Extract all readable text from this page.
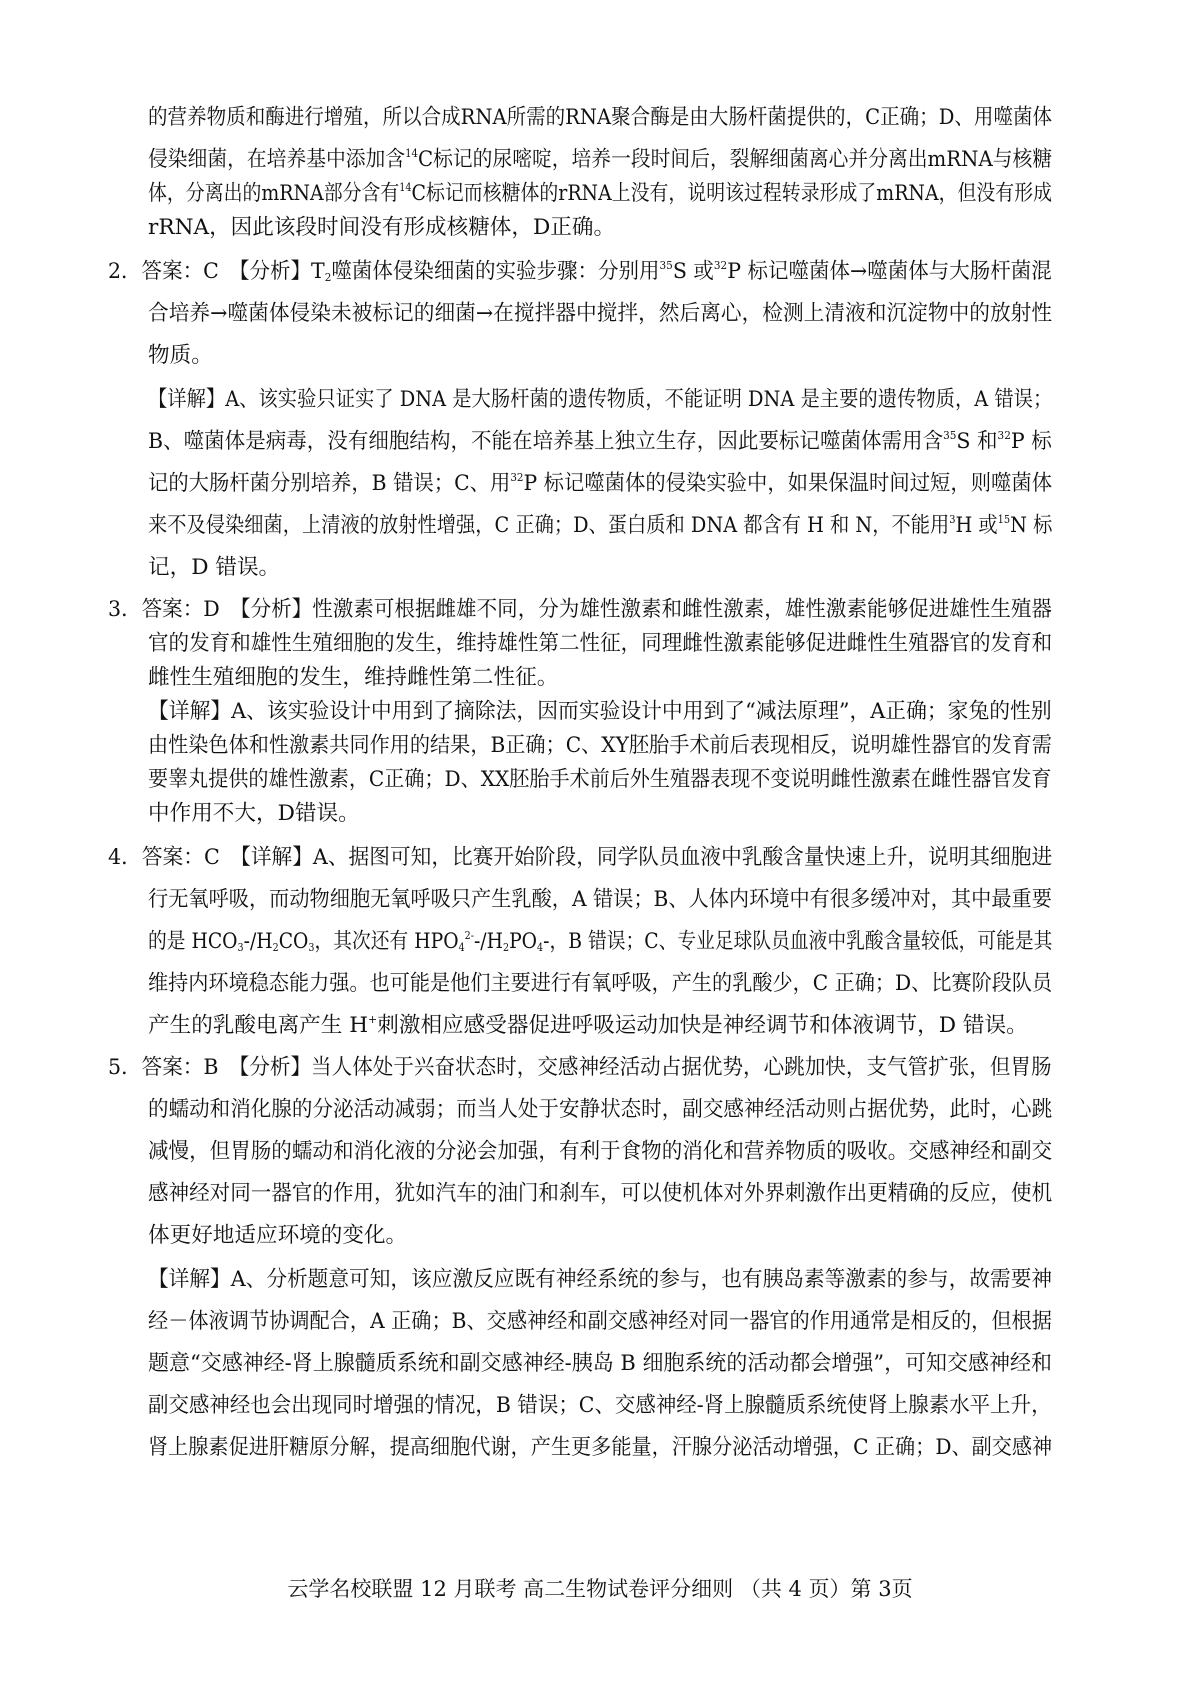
的营养物质和酶进行增殖，所以合成RNA所需的RNA聚合酶是由大肠杆菌提供的，C正确；D、用噬菌体
侵染细菌，在培养基中添加含$^{14}$C标记的尿嘧啶，培养一段时间后，裂解细菌离心并分离出mRNA与核糖
体，分离出的mRNA部分含有$^{14}$C标记而核糖体的rRNA上没有，说明该过程转录形成了mRNA，但没有形成
rRNA，因此该段时间没有形成核糖体，D正确。
2．答案：C　【分析】$T_2$噬菌体侵染细菌的实验步骤：分别用$^{35}$S 或$^{32}$P 标记噬菌体→噬菌体与大肠杆菌混
合培养→噬菌体侵染未被标记的细菌→在搅拌器中搅拌，然后离心，检测上清液和沉淀物中的放射性
物质。
【详解】A、该实验只证实了 DNA 是大肠杆菌的遗传物质，不能证明 DNA 是主要的遗传物质，A 错误；
B、噬菌体是病毒，没有细胞结构，不能在培养基上独立生存，因此要标记噬菌体需用含$^{35}$S 和$^{32}$P 标
记的大肠杆菌分别培养，B 错误；C、用$^{32}$P 标记噬菌体的侵染实验中，如果保温时间过短，则噬菌体
来不及侵染细菌，上清液的放射性增强，C 正确；D、蛋白质和 DNA 都含有 H 和 N，不能用$^3$H 或$^{15}$N 标
记，D 错误。
3．答案：D　【分析】性激素可根据雌雄不同，分为雄性激素和雌性激素，雄性激素能够促进雄性生殖器
官的发育和雄性生殖细胞的发生，维持雄性第二性征，同理雌性激素能够促进雌性生殖器官的发育和
雌性生殖细胞的发生，维持雌性第二性征。
【详解】A、该实验设计中用到了摘除法，因而实验设计中用到了“减法原理”，A正确；家兔的性别
由性染色体和性激素共同作用的结果，B正确；C、XY胚胎手术前后表现相反，说明雄性器官的发育需
要睾丸提供的雄性激素，C正确；D、XX胚胎手术前后外生殖器表现不变说明雌性激素在雌性器官发育
中作用不大，D错误。
4．答案：C　【详解】A、据图可知，比赛开始阶段，同学队员血液中乳酸含量快速上升，说明其细胞进
行无氧呼吸，而动物细胞无氧呼吸只产生乳酸，A 错误；B、人体内环境中有很多缓冲对，其中最重要
的是 $HCO_3-/H_2CO_3$，其次还有 $HPO_4^{2-}-/H_2PO_4-$，B 错误；C、专业足球队员血液中乳酸含量较低，可能是其
维持内环境稳态能力强。也可能是他们主要进行有氧呼吸，产生的乳酸少，C 正确；D、比赛阶段队员
产生的乳酸电离产生 H+刺激相应感受器促进呼吸运动加快是神经调节和体液调节，D 错误。
5．答案：B　【分析】当人体处于兴奋状态时，交感神经活动占据优势，心跳加快，支气管扩张，但胃肠
的蠕动和消化腺的分泌活动减弱；而当人处于安静状态时，副交感神经活动则占据优势，此时，心跳
减慢，但胃肠的蠕动和消化液的分泌会加强，有利于食物的消化和营养物质的吸收。交感神经和副交
感神经对同一器官的作用，犹如汽车的油门和刹车，可以使机体对外界刺激作出更精确的反应，使机
体更好地适应环境的变化。
【详解】A、分析题意可知，该应激反应既有神经系统的参与，也有胰岛素等激素的参与，故需要神
经－体液调节协调配合，A 正确；B、交感神经和副交感神经对同一器官的作用通常是相反的，但根据
题意“交感神经-肾上腺髓质系统和副交感神经-胰岛 B 细胞系统的活动都会增强”，可知交感神经和
副交感神经也会出现同时增强的情况，B 错误；C、交感神经-肾上腺髓质系统使肾上腺素水平上升，
肾上腺素促进肝糖原分解，提高细胞代谢，产生更多能量，汗腺分泌活动增强，C 正确；D、副交感神
云学名校联盟 12 月联考 高二生物试卷评分细则 （共 4 页）第 3页
